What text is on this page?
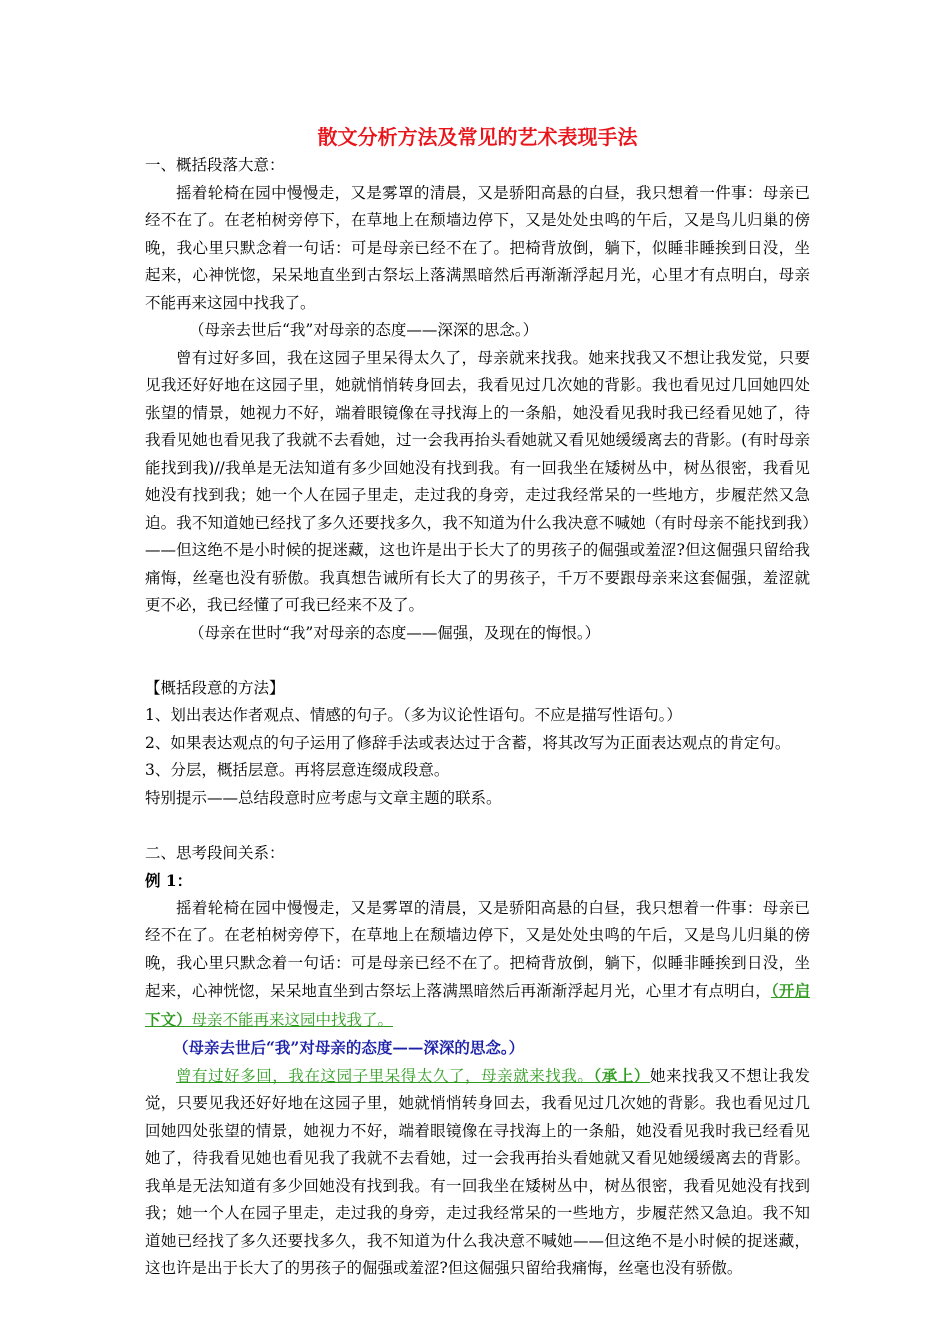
散文分析方法及常见的艺术表现手法

一、概括段落大意：

摇着轮椅在园中慢慢走，又是雾罩的清晨，又是骄阳高悬的白昼，我只想着一件事：母亲已经不在了。在老柏树旁停下，在草地上在颓墙边停下，又是处处虫鸣的午后，又是鸟儿归巢的傍晚，我心里只默念着一句话：可是母亲已经不在了。把椅背放倒，躺下，似睡非睡挨到日没，坐起来，心神恍惚，呆呆地直坐到古祭坛上落满黑暗然后再渐渐浮起月光，心里才有点明白，母亲不能再来这园中找我了。

（母亲去世后“我”对母亲的态度——深深的思念。）

曾有过好多回，我在这园子里呆得太久了，母亲就来找我。她来找我又不想让我发觉，只要见我还好好地在这园子里，她就悄悄转身回去，我看见过几次她的背影。我也看见过几回她四处张望的情景，她视力不好，端着眼镜像在寻找海上的一条船，她没看见我时我已经看见她了，待我看见她也看见我了我就不去看她，过一会我再抬头看她就又看见她缓缓离去的背影。(有时母亲能找到我)//我单是无法知道有多少回她没有找到我。有一回我坐在矮树丛中，树丛很密，我看见她没有找到我；她一个人在园子里走，走过我的身旁，走过我经常呆的一些地方，步履茫然又急迫。我不知道她已经找了多久还要找多久，我不知道为什么我决意不喊她（有时母亲不能找到我）——但这绝不是小时候的捉迷藏，这也许是出于长大了的男孩子的倔强或羞涩?但这倔强只留给我痛悔，丝毫也没有骄傲。我真想告诫所有长大了的男孩子，千万不要跟母亲来这套倔强，羞涩就更不必，我已经懂了可我已经来不及了。

（母亲在世时“我”对母亲的态度——倔强，及现在的悔恨。）

【概括段意的方法】

1、划出表达作者观点、情感的句子。（多为议论性语句。不应是描写性语句。）

2、如果表达观点的句子运用了修辞手法或表达过于含蓄，将其改写为正面表达观点的肯定句。

3、分层，概括层意。再将层意连缀成段意。

特别提示——总结段意时应考虑与文章主题的联系。

二、思考段间关系：

例 1：

摇着轮椅在园中慢慢走，又是雾罩的清晨，又是骄阳高悬的白昼，我只想着一件事：母亲已经不在了。在老柏树旁停下，在草地上在颓墙边停下，又是处处虫鸣的午后，又是鸟儿归巢的傍晚，我心里只默念着一句话：可是母亲已经不在了。把椅背放倒，躺下，似睡非睡挨到日没，坐起来，心神恍惚，呆呆地直坐到古祭坛上落满黑暗然后再渐渐浮起月光，心里才有点明白，（开启下文）母亲不能再来这园中找我了。

（母亲去世后“我”对母亲的态度——深深的思念。）

曾有过好多回，我在这园子里呆得太久了，母亲就来找我。（承上）她来找我又不想让我发觉，只要见我还好好地在这园子里，她就悄悄转身回去，我看见过几次她的背影。我也看见过几回她四处张望的情景，她视力不好，端着眼镜像在寻找海上的一条船，她没看见我时我已经看见她了，待我看见她也看见我了我就不去看她，过一会我再抬头看她就又看见她缓缓离去的背影。我单是无法知道有多少回她没有找到我。有一回我坐在矮树丛中，树丛很密，我看见她没有找到我；她一个人在园子里走，走过我的身旁，走过我经常呆的一些地方，步履茫然又急迫。我不知道她已经找了多久还要找多久，我不知道为什么我决意不喊她——但这绝不是小时候的捉迷藏，这也许是出于长大了的男孩子的倔强或羞涩?但这倔强只留给我痛悔，丝毫也没有骄傲。
